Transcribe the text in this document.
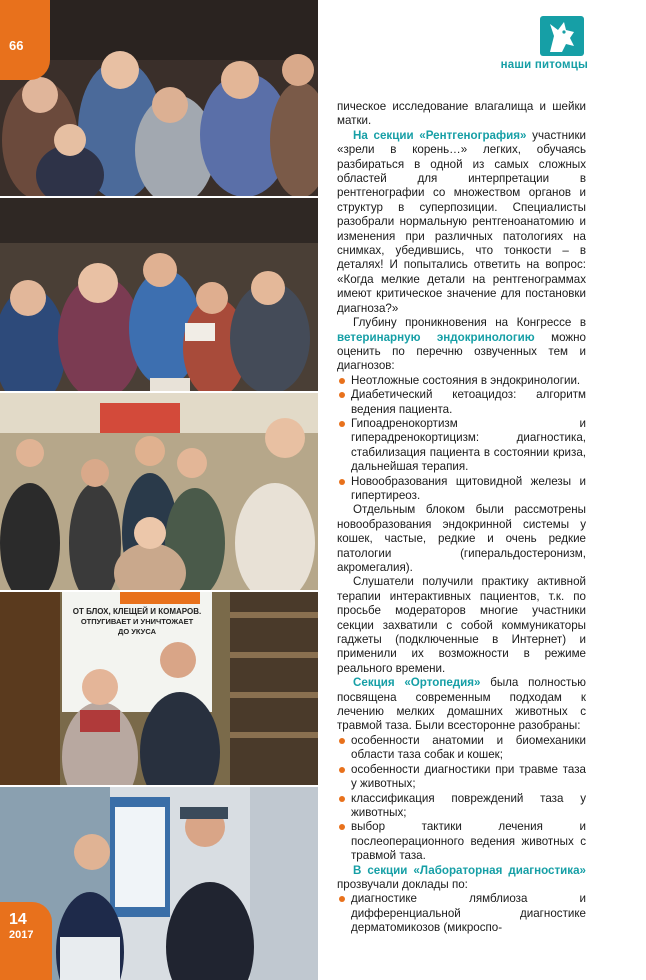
ОТ БЛОХ, КЛЕЩЕЙ И КОМАРОВ.
ОТПУГИВАЕТ И УНИЧТОЖАЕТ
ДО УКУСА
66
14
2017
наши питомцы

пическое исследование влагалища и шейки матки.

На секции «Рентгенография» участники «зрели в корень…» легких, обучаясь разбираться в одной из самых сложных областей для интерпретации в рентгенографии со множеством органов и структур в суперпозиции. Специалисты разобрали нормальную рентгеноанатомию и изменения при различных патологиях на снимках, убедившись, что тонкости – в деталях! И попытались ответить на вопрос: «Когда мелкие детали на рентгенограммах имеют критическое значение для постановки диагноза?»

Глубину проникновения на Конгрессе в ветеринарную эндокринологию можно оценить по перечню озвученных тем и диагнозов:

Неотложные состояния в эндокринологии.
Диабетический кетоацидоз: алгоритм ведения пациента.
Гипоадренокортизм и гиперадренокортицизм: диагностика, стабилизация пациента в состоянии криза, дальнейшая терапия.
Новообразования щитовидной железы и гипертиреоз.

Отдельным блоком были рассмотрены новообразования эндокринной системы у кошек, частые, редкие и очень редкие патологии (гиперальдостеронизм, акромегалия).

Слушатели получили практику активной терапии интерактивных пациентов, т.к. по просьбе модераторов многие участники секции захватили с собой коммуникаторы гаджеты (подключенные в Интернет) и применили их возможности в режиме реального времени.

Секция «Ортопедия» была полностью посвящена современным подходам к лечению мелких домашних животных с травмой таза. Были всесторонне разобраны:

особенности анатомии и биомеханики области таза собак и кошек;
особенности диагностики при травме таза у животных;
классификация повреждений таза у животных;
выбор тактики лечения и послеоперационного ведения животных с травмой таза.

В секции «Лабораторная диагностика» прозвучали доклады по:

диагностике лямблиоза и дифференциальной диагностике дерматомикозов (микроспо-
